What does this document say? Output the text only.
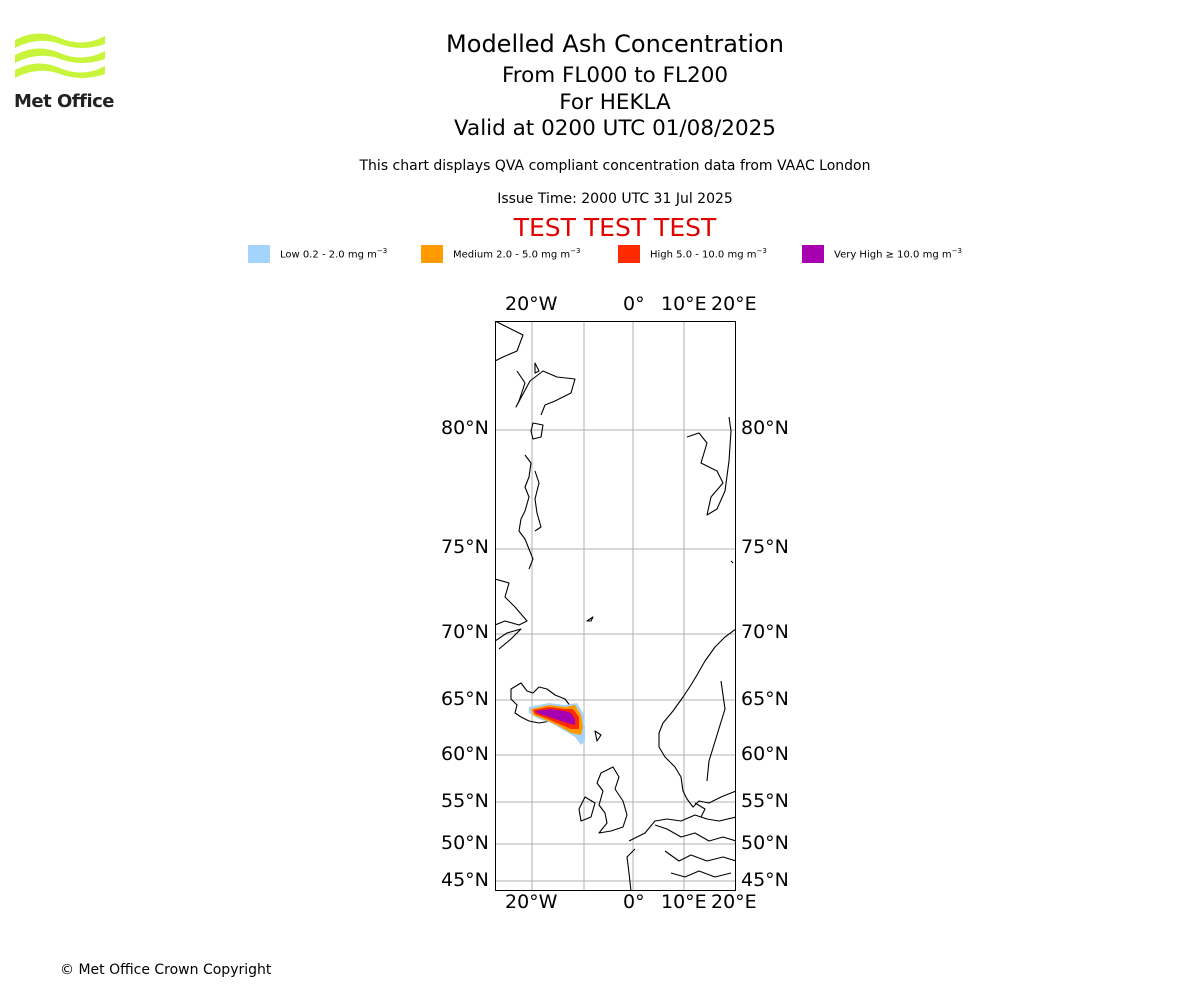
Met Office
Modelled Ash Concentration
From FL000 to FL200
For HEKLA
Valid at 0200 UTC 01/08/2025
This chart displays QVA compliant concentration data from VAAC London
Issue Time: 2000 UTC 31 Jul 2025
TEST TEST TEST
Low 0.2 - 2.0 mg $m^{-3}$	Medium 2.0 - 5.0 mg $m^{-3}$	High 5.0 - 10.0 mg $m^{-3}$	Very High ≥ 10.0 mg $m^{-3}$
20°W	0° 10°E 20°E
20°W	0° 10°E 20°E
80°N
75°N
70°N
65°N
60°N
55°N
50°N
45°N
80°N
75°N
70°N
65°N
60°N
55°N
50°N
45°N
© Met Office Crown Copyright
